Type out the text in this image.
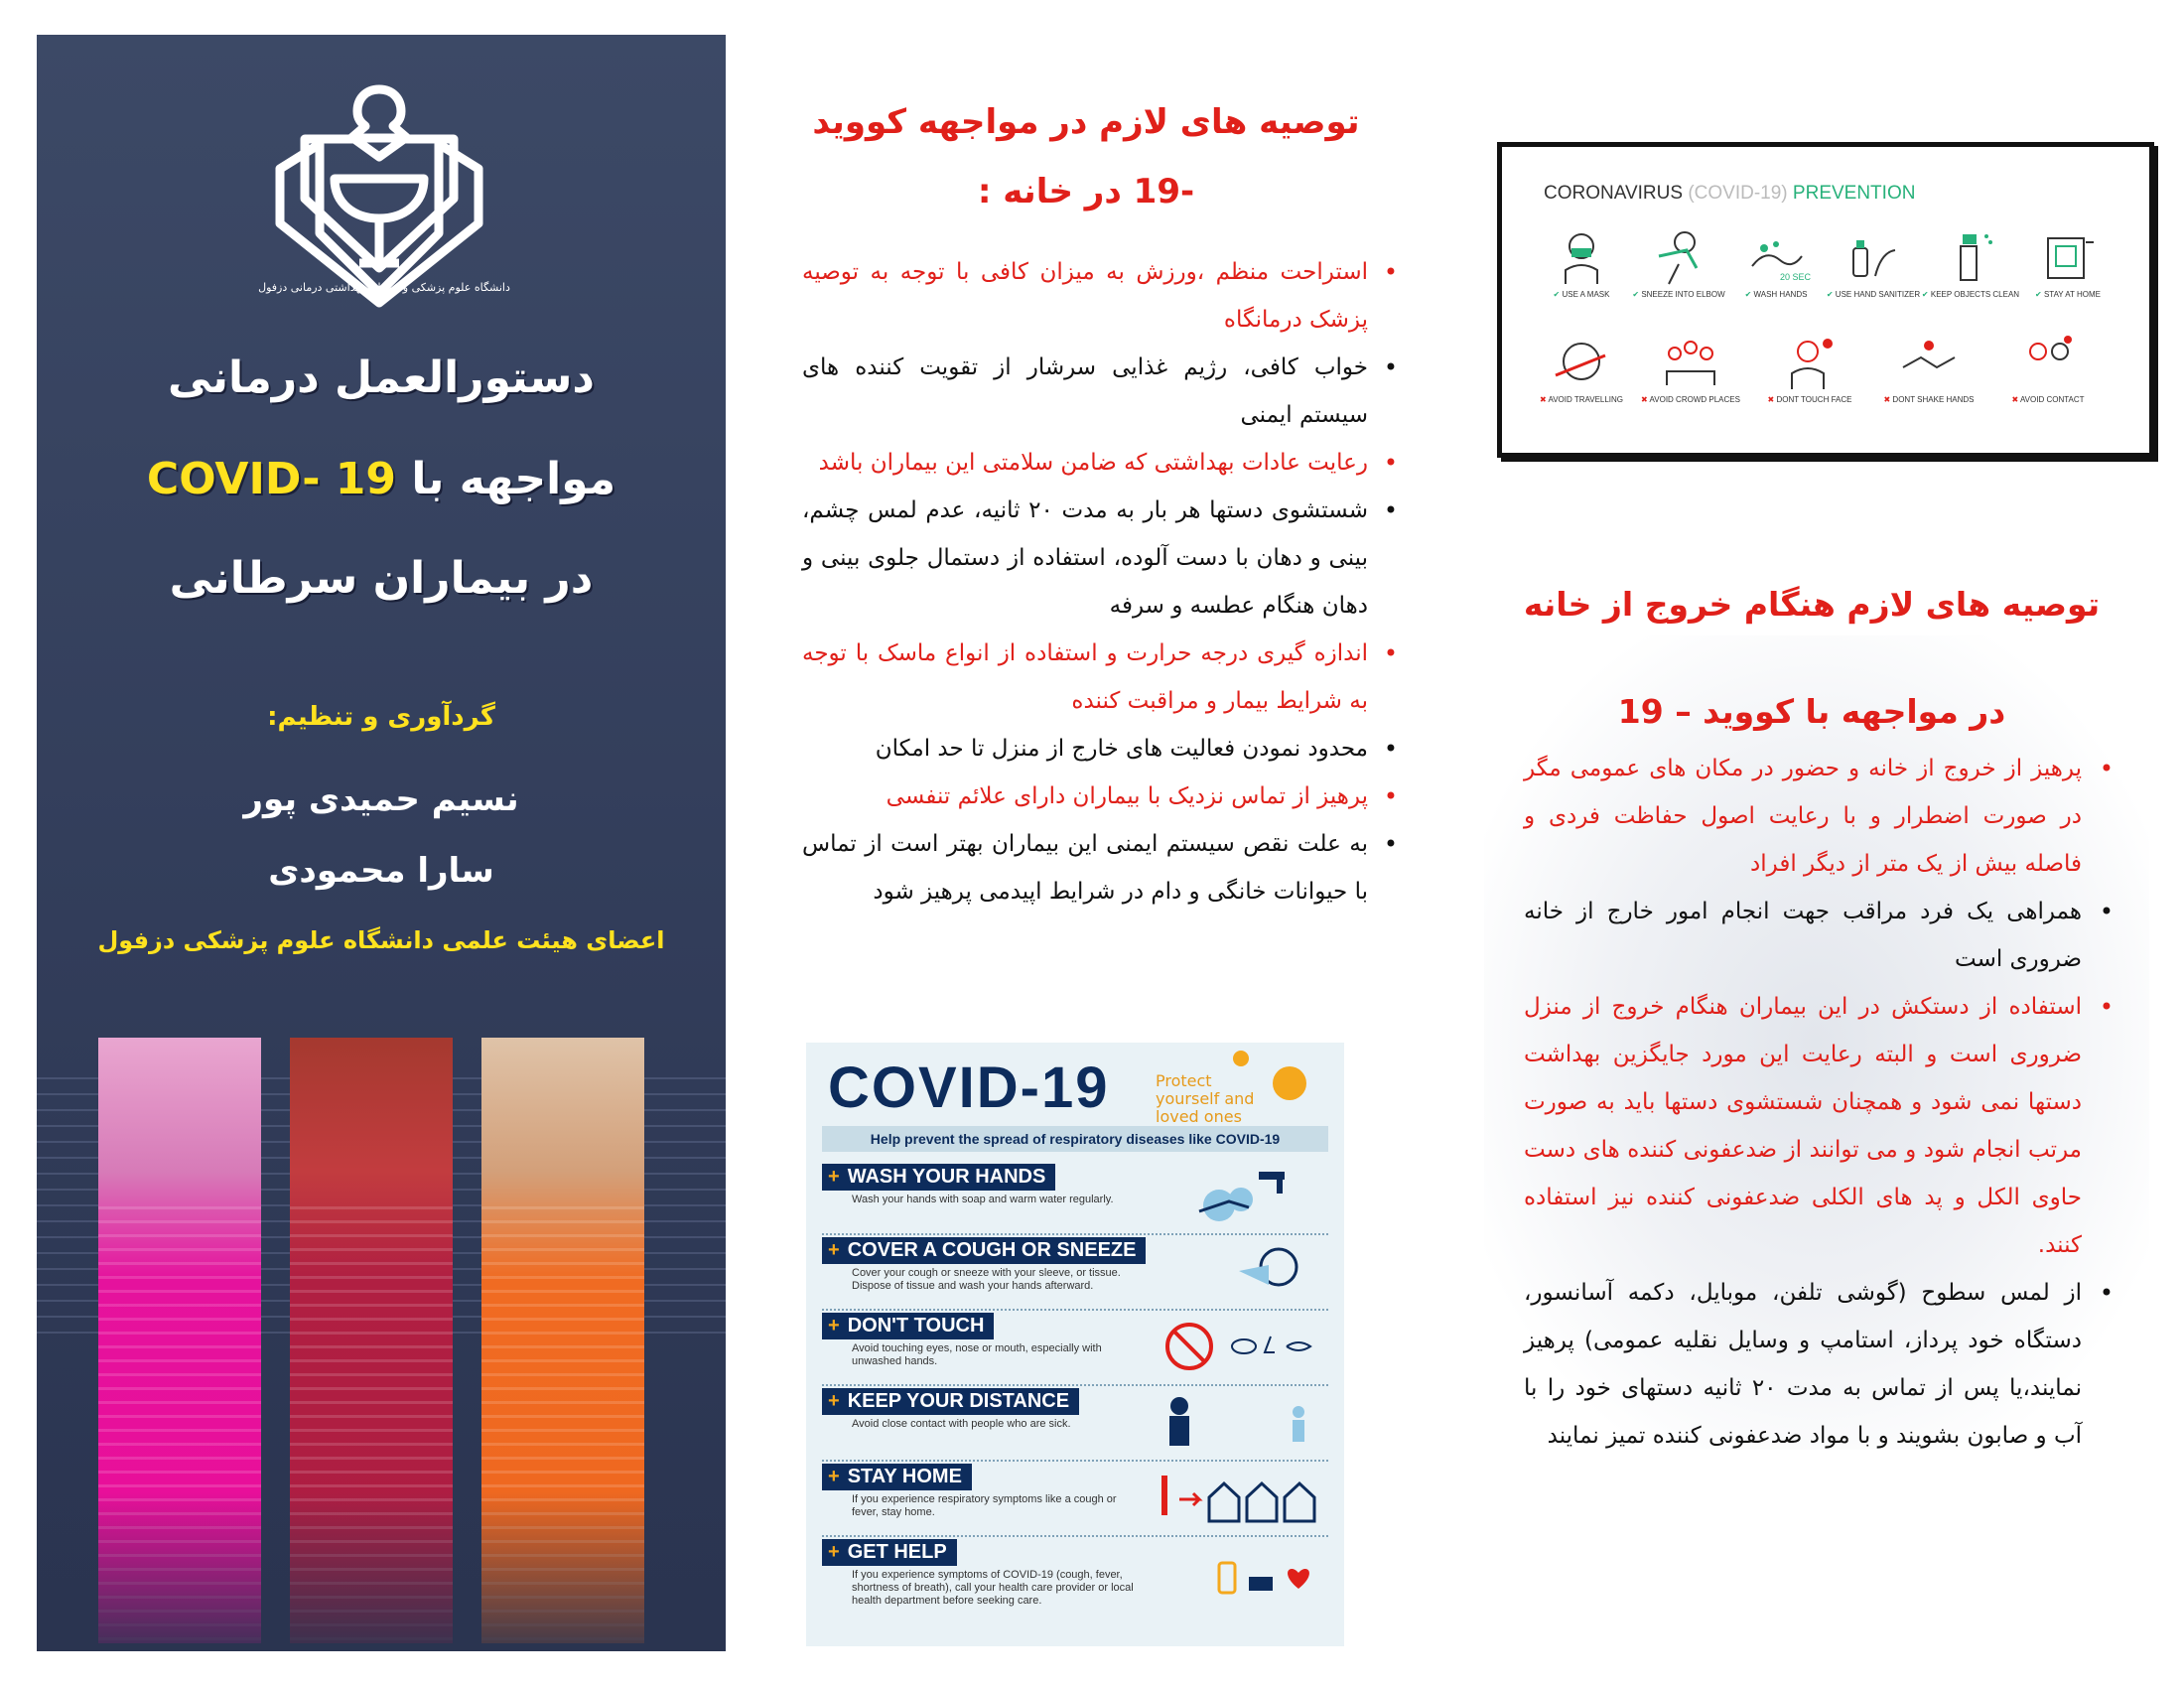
دانشگاه علوم پزشکی و خدمات بهداشتی درمانی دزفول
دستورالعمل درمانی
مواجهه با COVID- 19
در بیماران سرطانی
گردآوری و تنظیم:
نسیم حمیدی پور
سارا محمودی
اعضای هیئت علمی دانشگاه علوم پزشکی دزفول
توصیه های لازم در مواجهه کووید -19 در خانه :
• استراحت منظم ،ورزش به میزان کافی با توجه به توصیه پزشک درمانگاه
• خواب کافی، رژیم غذایی سرشار از تقویت کننده های سیستم ایمنی
• رعایت عادات بهداشتی که ضامن سلامتی این بیماران باشد
• شستشوی دستها هر بار به مدت ۲۰ ثانیه، عدم لمس چشم، بینی و دهان با دست آلوده، استفاده از دستمال جلوی بینی و دهان هنگام عطسه و سرفه
• اندازه گیری درجه حرارت و استفاده از انواع ماسک با توجه به شرایط بیمار و مراقبت کننده
• محدود نمودن فعالیت های خارج از منزل تا حد امکان
• پرهیز از تماس نزدیک با بیماران دارای علائم تنفسی
• به علت نقص سیستم ایمنی این بیماران بهتر است از تماس با حیوانات خانگی و دام در شرایط اپیدمی پرهیز شود
COVID-19	Protect yourself and loved ones
Help prevent the spread of respiratory diseases like COVID-19
+ WASH YOUR HANDS
Wash your hands with soap and warm water regularly.
+ COVER A COUGH OR SNEEZE
Cover your cough or sneeze with your sleeve, or tissue. Dispose of tissue and wash your hands afterward.
+ DON'T TOUCH
Avoid touching eyes, nose or mouth, especially with unwashed hands.
+ KEEP YOUR DISTANCE
Avoid close contact with people who are sick.
+ STAY HOME
If you experience respiratory symptoms like a cough or fever, stay home.
+ GET HELP
If you experience symptoms of COVID-19 (cough, fever, shortness of breath), call your health care provider or local health department before seeking care.
CORONAVIRUS (COVID-19) PREVENTION
✔ USE A MASK	✔ SNEEZE INTO ELBOW
20 SEC
✔ WASH HANDS	✔ USE HAND SANITIZER ✔ KEEP OBJECTS CLEAN	✔ STAY AT HOME
✖ AVOID TRAVELLING	✖ AVOID CROWD PLACES	✖ DONT TOUCH FACE	✖ DONT SHAKE HANDS	✖ AVOID CONTACT
توصیه های لازم هنگام خروج از خانه در مواجهه با کووید – 19
• پرهیز از خروج از خانه و حضور در مکان های عمومی مگر در صورت اضطرار و با رعایت اصول حفاظت فردی و فاصله بیش از یک متر از دیگر افراد
• همراهی یک فرد مراقب جهت انجام امور خارج از خانه ضروری است
• استفاده از دستکش در این بیماران هنگام خروج از منزل ضروری است و البته رعایت این مورد جایگزین بهداشت دستها نمی شود و همچنان شستشوی دستها باید به صورت مرتب انجام شود و می توانند از ضدعفونی کننده های دست حاوی الکل و پد های الکلی ضدعفونی کننده نیز استفاده کنند.
• از لمس سطوح (گوشی تلفن، موبایل، دکمه آسانسور، دستگاه خود پرداز، استامپ و وسایل نقلیه عمومی) پرهیز نمایند،یا پس از تماس به مدت ۲۰ ثانیه دستهای خود را با آب و صابون بشویند و با مواد ضدعفونی کننده تمیز نمایند
